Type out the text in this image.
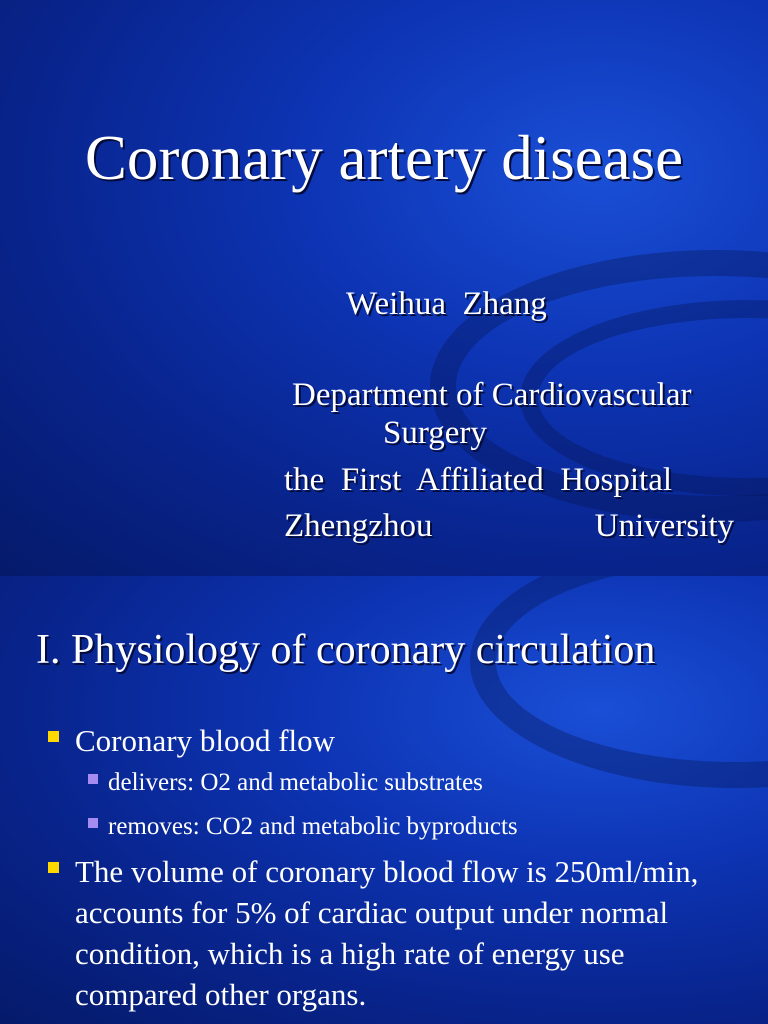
Coronary artery disease
Weihua  Zhang
Department of Cardiovascular
Surgery
the  First  Affiliated  Hospital
Zhengzhou	University
I. Physiology of coronary circulation
Coronary blood flow
delivers: O2 and metabolic substrates
removes: CO2 and metabolic byproducts
The volume of coronary blood flow is 250ml/min, accounts for 5% of cardiac output under normal condition, which is a high rate of energy use compared other organs.
